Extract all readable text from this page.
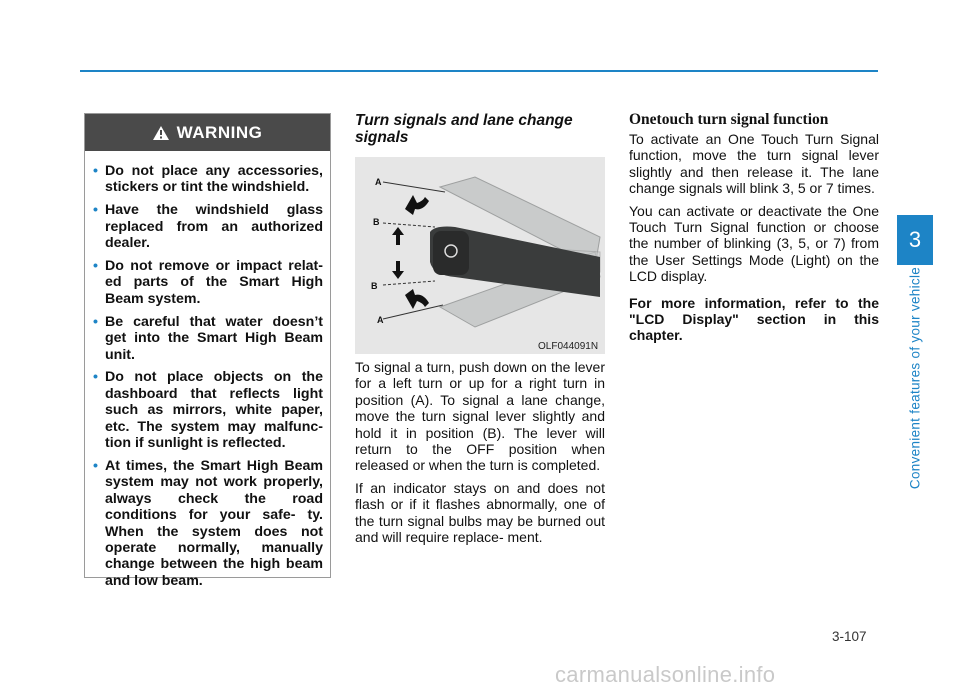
WARNING
• Do not place any accessories, stickers or tint the windshield.
• Have the windshield glass replaced from an authorized dealer.
• Do not remove or impact relat- ed parts of the Smart High Beam system.
• Be careful that water doesn’t get into the Smart High Beam unit.
• Do not place objects on the dashboard that reflects light such as mirrors, white paper, etc. The system may malfunc- tion if sunlight is reflected.
• At times, the Smart High Beam system may not work properly, always check the road conditions for your safe- ty. When the system does not operate normally, manually change between the high beam and low beam.
Turn signals and lane change signals
A
B
B
A
OLF044091N

To signal a turn, push down on the lever for a left turn or up for a right turn in position (A). To signal a lane change, move the turn signal lever slightly and hold it in position (B). The lever will return to the OFF position when released or when the turn is completed.

If an indicator stays on and does not flash or if it flashes abnormally, one of the turn signal bulbs may be burned out and will require replace- ment.

Onetouch turn signal function

To activate an One Touch Turn Signal function, move the turn signal lever slightly and then release it. The lane change signals will blink 3, 5 or 7 times.

You can activate or deactivate the One Touch Turn Signal function or choose the number of blinking (3, 5, or 7) from the User Settings Mode (Light) on the LCD display.

For more information, refer to the "LCD Display" section in this chapter.

3
Convenient features of your vehicle
3-107
carmanualsonline.info
